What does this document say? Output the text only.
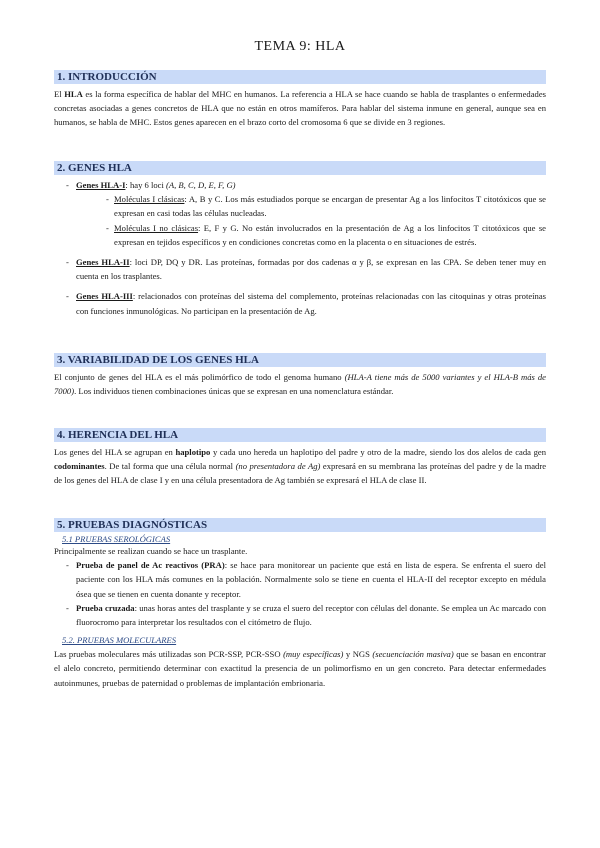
TEMA 9: HLA
1. INTRODUCCIÓN

El HLA es la forma específica de hablar del MHC en humanos. La referencia a HLA se hace cuando se habla de trasplantes o enfermedades concretas asociadas a genes concretos de HLA que no están en otros mamíferos. Para hablar del sistema inmune en general, aunque sea en humanos, se habla de MHC. Estos genes aparecen en el brazo corto del cromosoma 6 que se divide en 3 regiones.

2. GENES HLA
- Genes HLA-I: hay 6 loci (A, B, C, D, E, F, G)
- Moléculas I clásicas: A, B y C. Los más estudiados porque se encargan de presentar Ag a los linfocitos T citotóxicos que se expresan en casi todas las células nucleadas.
- Moléculas I no clásicas: E, F y G. No están involucrados en la presentación de Ag a los linfocitos T citotóxicos que se expresan en tejidos específicos y en condiciones concretas como en la placenta o en situaciones de estrés.
- Genes HLA-II: loci DP, DQ y DR. Las proteínas, formadas por dos cadenas α y β, se expresan en las CPA. Se deben tener muy en cuenta en los trasplantes.
- Genes HLA-III: relacionados con proteínas del sistema del complemento, proteínas relacionadas con las citoquinas y otras proteínas con funciones inmunológicas. No participan en la presentación de Ag.
3. VARIABILIDAD DE LOS GENES HLA

El conjunto de genes del HLA es el más polimórfico de todo el genoma humano (HLA-A tiene más de 5000 variantes y el HLA-B más de 7000). Los individuos tienen combinaciones únicas que se expresan en una nomenclatura estándar.

4. HERENCIA DEL HLA

Los genes del HLA se agrupan en haplotipo y cada uno hereda un haplotipo del padre y otro de la madre, siendo los dos alelos de cada gen codominantes. De tal forma que una célula normal (no presentadora de Ag) expresará en su membrana las proteínas del padre y de la madre de los genes del HLA de clase I y en una célula presentadora de Ag también se expresará el HLA de clase II.

5. PRUEBAS DIAGNÓSTICAS

5.1 PRUEBAS SEROLÓGICAS

Principalmente se realizan cuando se hace un trasplante.

- Prueba de panel de Ac reactivos (PRA): se hace para monitorear un paciente que está en lista de espera. Se enfrenta el suero del paciente con los HLA más comunes en la población. Normalmente solo se tiene en cuenta el HLA-II del receptor excepto en médula ósea que se tienen en cuenta donante y receptor.
- Prueba cruzada: unas horas antes del trasplante y se cruza el suero del receptor con células del donante. Se emplea un Ac marcado con fluorocromo para interpretar los resultados con el citómetro de flujo.

5.2. PRUEBAS MOLECULARES

Las pruebas moleculares más utilizadas son PCR-SSP, PCR-SSO (muy específicas) y NGS (secuenciación masiva) que se basan en encontrar el alelo concreto, permitiendo determinar con exactitud la presencia de un polimorfismo en un gen concreto. Para detectar enfermedades autoinmunes, pruebas de paternidad o problemas de implantación embrionaria.
